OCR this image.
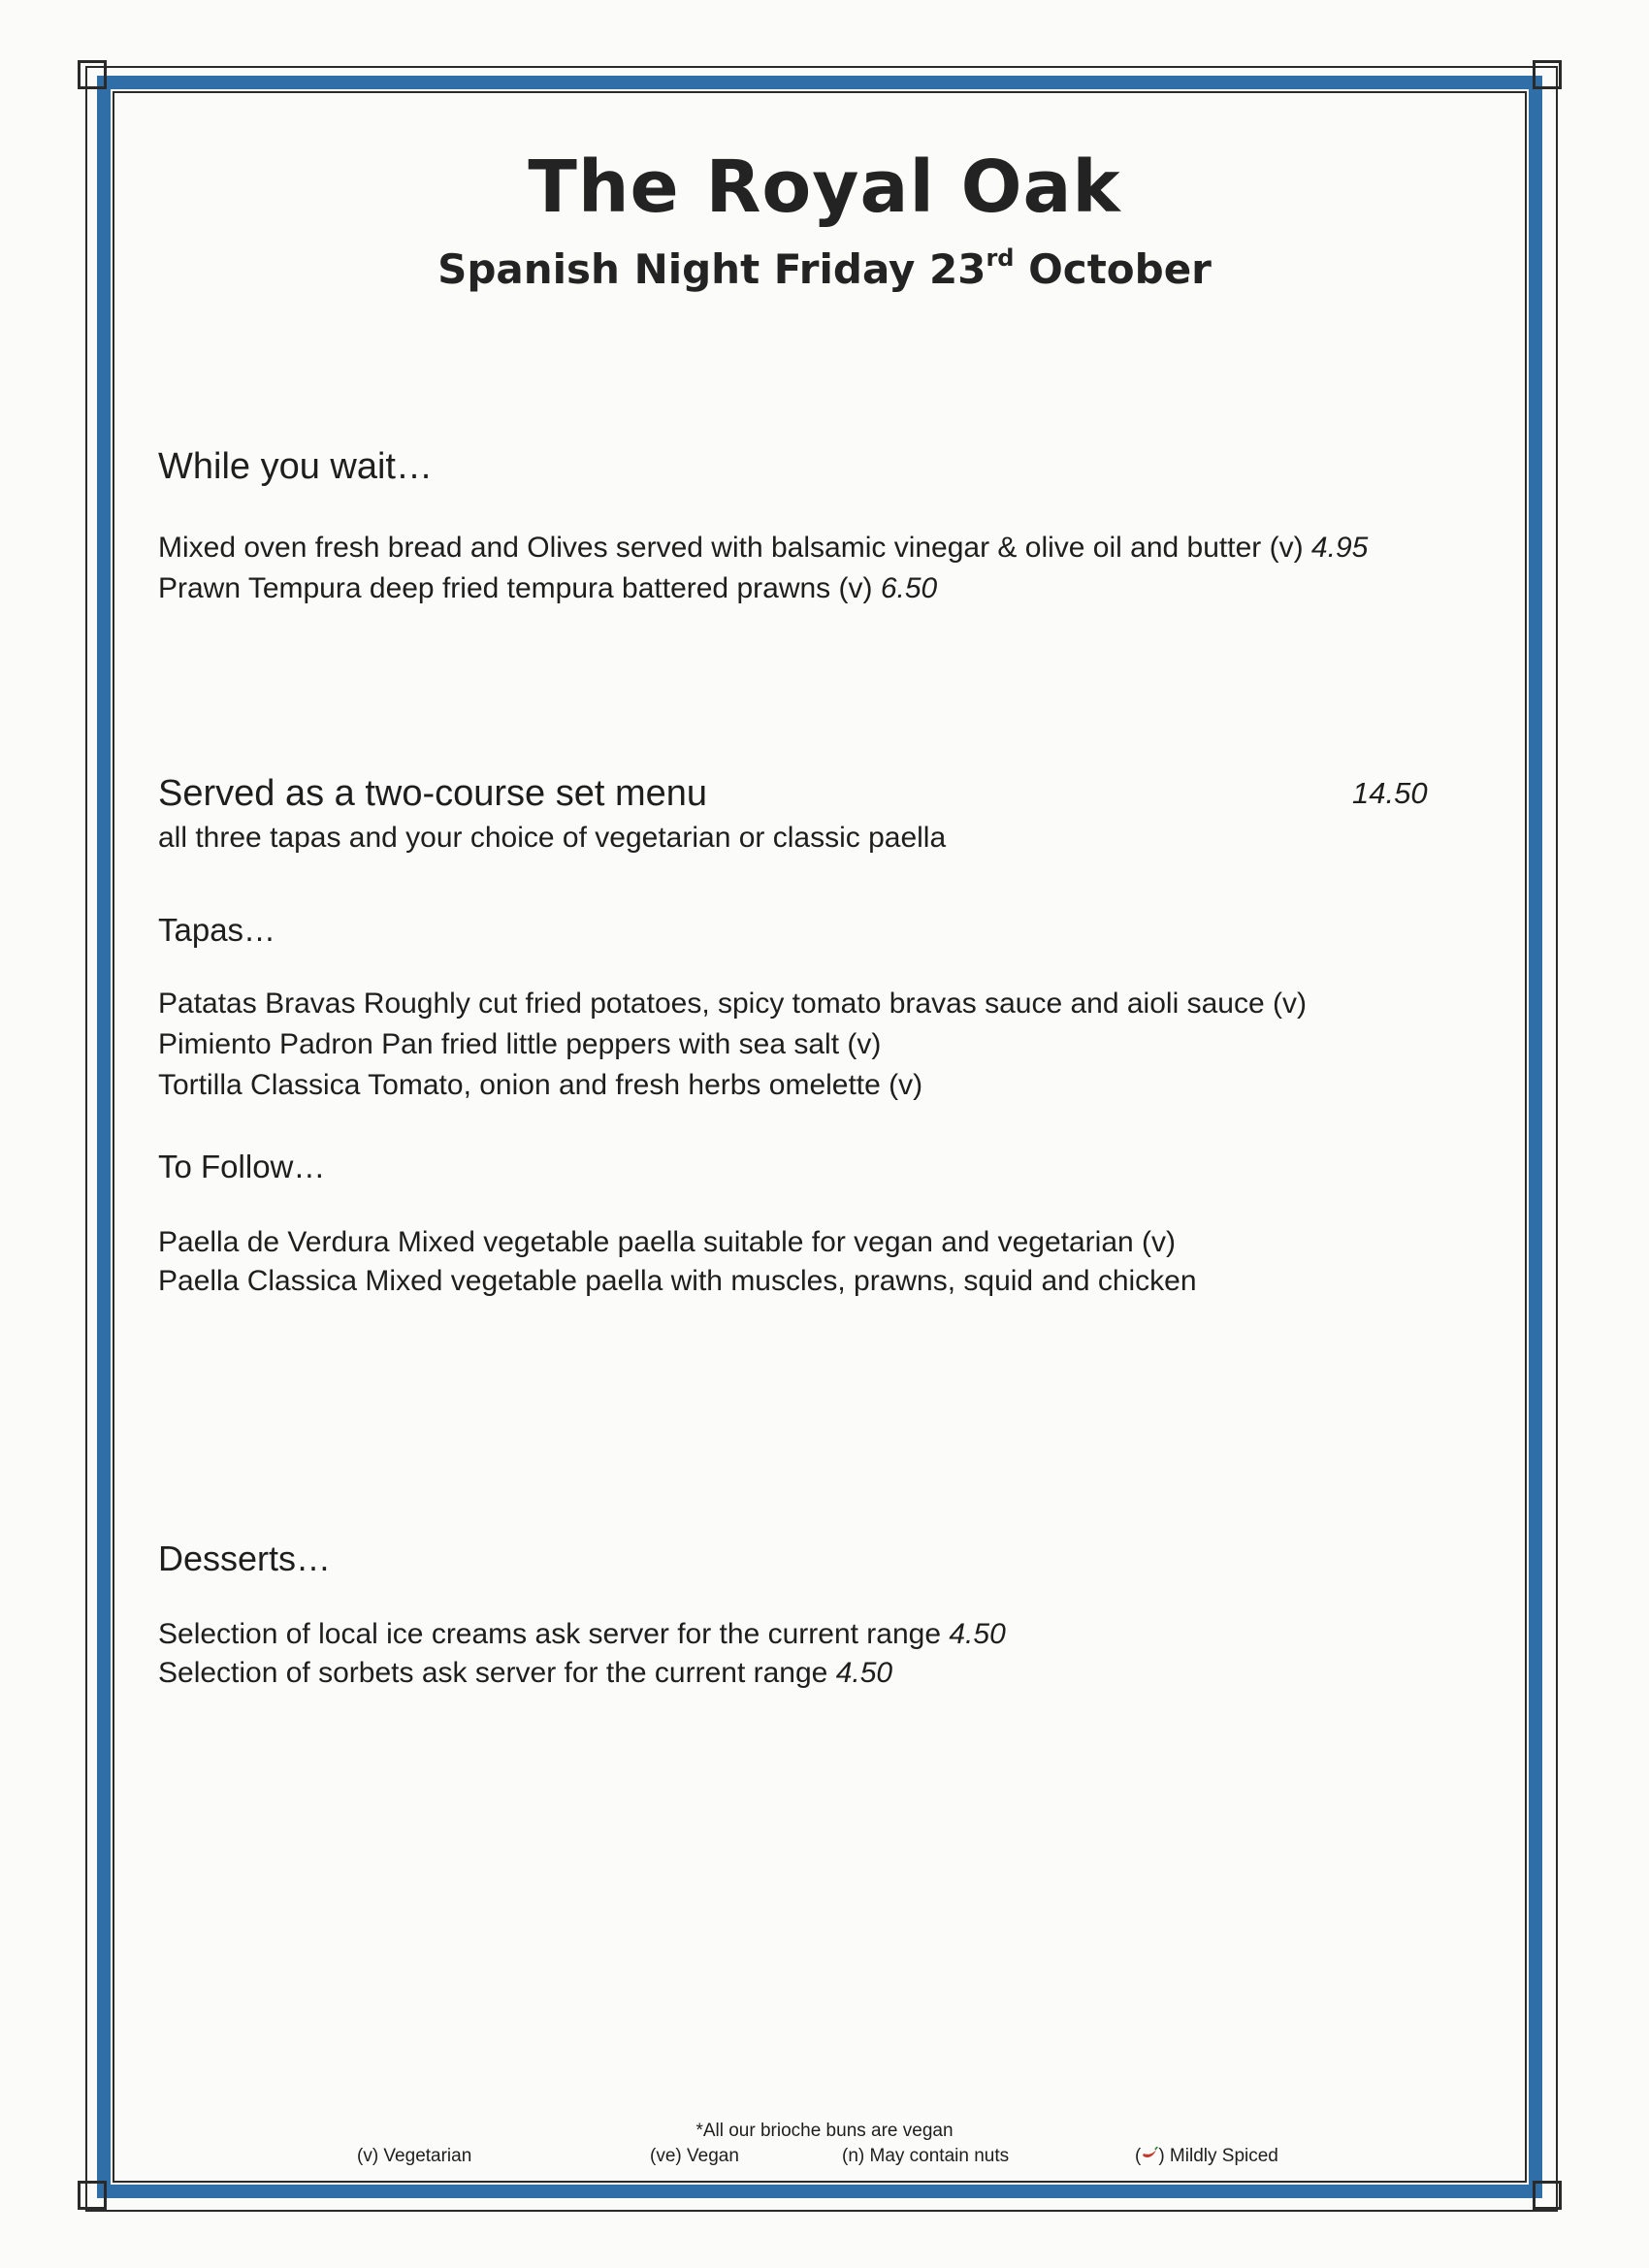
The Royal Oak
Spanish Night Friday 23rd October
While you wait…
Mixed oven fresh bread and Olives served with balsamic vinegar & olive oil and butter (v) 4.95
Prawn Tempura deep fried tempura battered prawns (v) 6.50
Served as a two-course set menu	14.50
all three tapas and your choice of vegetarian or classic paella
Tapas…
Patatas Bravas Roughly cut fried potatoes, spicy tomato bravas sauce and aioli sauce (v)
Pimiento Padron Pan fried little peppers with sea salt (v)
Tortilla Classica Tomato, onion and fresh herbs omelette (v)
To Follow…
Paella de Verdura Mixed vegetable paella suitable for vegan and vegetarian (v)
Paella Classica Mixed vegetable paella with muscles, prawns, squid and chicken
Desserts…
Selection of local ice creams ask server for the current range 4.50
Selection of sorbets ask server for the current range 4.50
*All our brioche buns are vegan
(v) Vegetarian	(ve) Vegan	(n) May contain nuts	( ) Mildly Spiced
